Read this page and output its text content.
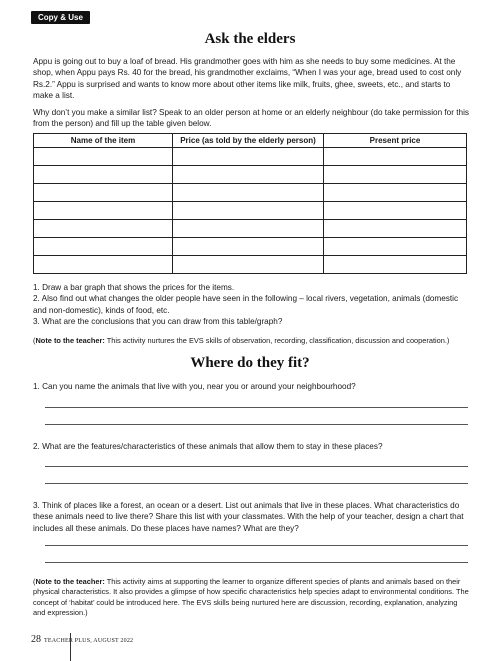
Copy & Use
Ask the elders

Appu is going out to buy a loaf of bread. His grandmother goes with him as she needs to buy some medicines. At the shop, when Appu pays Rs. 40 for the bread, his grandmother exclaims, “When I was your age, bread used to cost only Rs.2.” Appu is surprised and wants to know more about other items like milk, fruits, ghee, sweets, etc., and starts to make a list.

Why don’t you make a similar list? Speak to an older person at home or an elderly neighbour (do take permission for this from the person) and fill up the table given below.

Name of the item	Price (as told by the elderly person)	Present price

1. Draw a bar graph that shows the prices for the items.
2. Also find out what changes the older people have seen in the following – local rivers, vegetation, animals (domestic and non-domestic), kinds of food, etc.
3. What are the conclusions that you can draw from this table/graph?

(Note to the teacher: This activity nurtures the EVS skills of observation, recording, classification, discussion and cooperation.)

Where do they fit?

1. Can you name the animals that live with you, near you or around your neighbourhood?

2. What are the features/characteristics of these animals that allow them to stay in these places?

3. Think of places like a forest, an ocean or a desert. List out animals that live in these places. What characteristics do these animals need to live there? Share this list with your classmates. With the help of your teacher, design a chart that includes all these animals. Do these places have names? What are they?

(Note to the teacher: This activity aims at supporting the learner to organize different species of plants and animals based on their physical characteristics. It also provides a glimpse of how specific characteristics help species adapt to environmental conditions. The concept of ‘habitat’ could be introduced here. The EVS skills being nurtured here are discussion, recording, explanation, analyzing and expression.)

28 TEACHER PLUS, AUGUST 2022
